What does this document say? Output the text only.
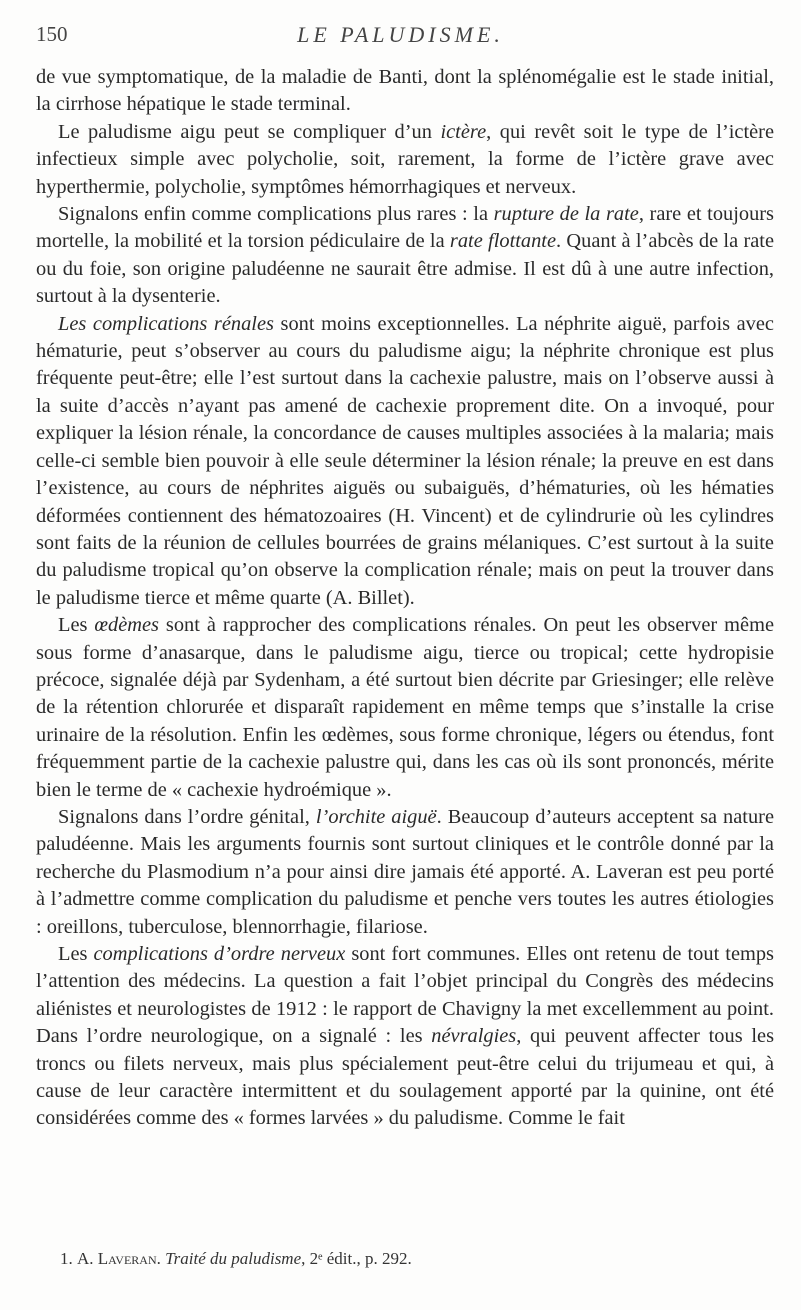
150	LE PALUDISME.

de vue symptomatique, de la maladie de Banti, dont la splénomégalie est le stade initial, la cirrhose hépatique le stade terminal.

Le paludisme aigu peut se compliquer d’un ictère, qui revêt soit le type de l’ictère infectieux simple avec polycholie, soit, rarement, la forme de l’ictère grave avec hyperthermie, polycholie, symptômes hémorrhagiques et nerveux.

Signalons enfin comme complications plus rares : la rupture de la rate, rare et toujours mortelle, la mobilité et la torsion pédiculaire de la rate flottante. Quant à l’abcès de la rate ou du foie, son origine paludéenne ne saurait être admise. Il est dû à une autre infection, surtout à la dysenterie.

Les complications rénales sont moins exceptionnelles. La néphrite aiguë, parfois avec hématurie, peut s’observer au cours du paludisme aigu; la néphrite chronique est plus fréquente peut-être; elle l’est surtout dans la cachexie palustre, mais on l’observe aussi à la suite d’accès n’ayant pas amené de cachexie proprement dite. On a invoqué, pour expliquer la lésion rénale, la concordance de causes multiples associées à la malaria; mais celle-ci semble bien pouvoir à elle seule déterminer la lésion rénale; la preuve en est dans l’existence, au cours de néphrites aiguës ou subaiguës, d’hématuries, où les hématies déformées contiennent des hématozoaires (H. Vincent) et de cylindrurie où les cylindres sont faits de la réunion de cellules bourrées de grains mélaniques. C’est surtout à la suite du paludisme tropical qu’on observe la complication rénale; mais on peut la trouver dans le paludisme tierce et même quarte (A. Billet).

Les œdèmes sont à rapprocher des complications rénales. On peut les observer même sous forme d’anasarque, dans le paludisme aigu, tierce ou tropical; cette hydropisie précoce, signalée déjà par Sydenham, a été surtout bien décrite par Griesinger; elle relève de la rétention chlorurée et disparaît rapidement en même temps que s’installe la crise urinaire de la résolution. Enfin les œdèmes, sous forme chronique, légers ou étendus, font fréquemment partie de la cachexie palustre qui, dans les cas où ils sont prononcés, mérite bien le terme de « cachexie hydroémique ».

Signalons dans l’ordre génital, l’orchite aiguë. Beaucoup d’auteurs acceptent sa nature paludéenne. Mais les arguments fournis sont surtout cliniques et le contrôle donné par la recherche du Plasmodium n’a pour ainsi dire jamais été apporté. A. Laveran est peu porté à l’admettre comme complication du paludisme et penche vers toutes les autres étiologies : oreillons, tuberculose, blennorrhagie, filariose.

Les complications d’ordre nerveux sont fort communes. Elles ont retenu de tout temps l’attention des médecins. La question a fait l’objet principal du Congrès des médecins aliénistes et neurologistes de 1912 : le rapport de Chavigny la met excellemment au point. Dans l’ordre neurologique, on a signalé : les névralgies, qui peuvent affecter tous les troncs ou filets nerveux, mais plus spécialement peut-être celui du trijumeau et qui, à cause de leur caractère intermittent et du soulagement apporté par la quinine, ont été considérées comme des « formes larvées » du paludisme. Comme le fait

1. A. Laveran. Traité du paludisme, 2ᵉ édit., p. 292.
